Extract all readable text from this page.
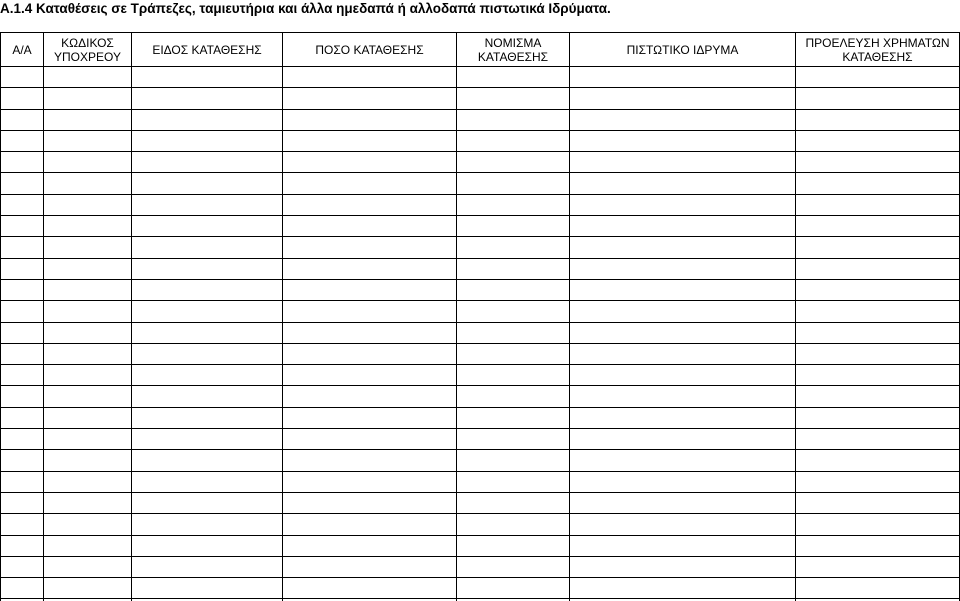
A.1.4 Καταθέσεις σε Τράπεζες, ταμιευτήρια και άλλα ημεδαπά ή αλλοδαπά πιστωτικά Ιδρύματα.
Α/Α	ΚΩΔΙΚΟΣ ΥΠΟΧΡΕΟΥ	ΕΙΔΟΣ ΚΑΤΑΘΕΣΗΣ	ΠΟΣΟ ΚΑΤΑΘΕΣΗΣ	ΝΟΜΙΣΜΑ ΚΑΤΑΘΕΣΗΣ	ΠΙΣΤΩΤΙΚΟ ΙΔΡΥΜΑ	ΠΡΟΕΛΕΥΣΗ ΧΡΗΜΑΤΩΝ ΚΑΤΑΘΕΣΗΣ
